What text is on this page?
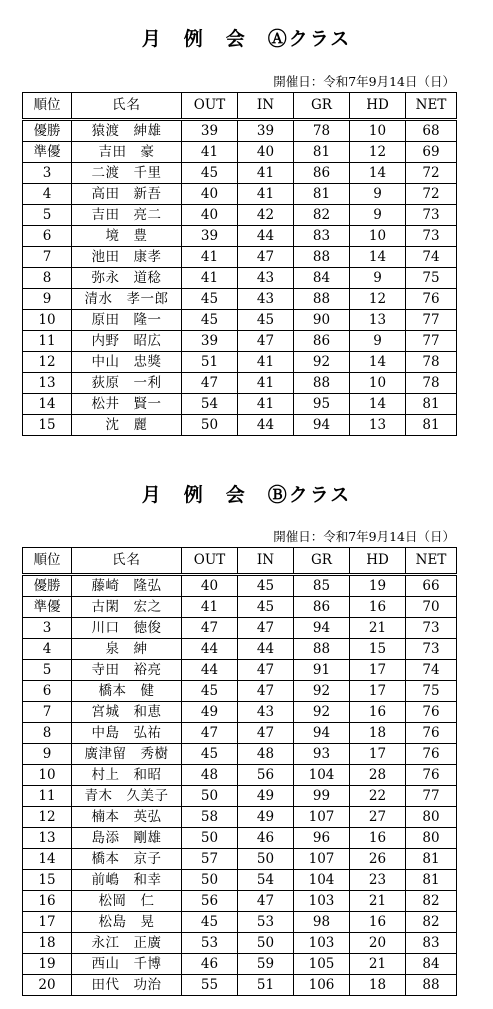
月　例　会　Ⓐクラス
開催日：令和7年9月14日（日）
順位	氏名	OUT	IN	GR	HD	NET
優勝	猿渡　紳雄	39	39	78	10	68
準優	吉田　豪	41	40	81	12	69
3	二渡　千里	45	41	86	14	72
4	高田　新吾	40	41	81	9	72
5	吉田　亮二	40	42	82	9	73
6	境　豊	39	44	83	10	73
7	池田　康孝	41	47	88	14	74
8	弥永　道稔	41	43	84	9	75
9	清水　孝一郎	45	43	88	12	76
10	原田　隆一	45	45	90	13	77
11	内野　昭広	39	47	86	9	77
12	中山　忠獎	51	41	92	14	78
13	荻原　一利	47	41	88	10	78
14	松井　賢一	54	41	95	14	81
15	沈　麗	50	44	94	13	81
月　例　会　Ⓑクラス
開催日：令和7年9月14日（日）
順位	氏名	OUT	IN	GR	HD	NET
優勝	藤崎　隆弘	40	45	85	19	66
準優	古閑　宏之	41	45	86	16	70
3	川口　徳俊	47	47	94	21	73
4	泉　紳	44	44	88	15	73
5	寺田　裕亮	44	47	91	17	74
6	橋本　健	45	47	92	17	75
7	宮城　和恵	49	43	92	16	76
8	中島　弘祐	47	47	94	18	76
9	廣津留　秀樹	45	48	93	17	76
10	村上　和昭	48	56	104	28	76
11	青木　久美子	50	49	99	22	77
12	楠本　英弘	58	49	107	27	80
13	島添　剛雄	50	46	96	16	80
14	橋本　京子	57	50	107	26	81
15	前嶋　和幸	50	54	104	23	81
16	松岡　仁	56	47	103	21	82
17	松島　晃	45	53	98	16	82
18	永江　正廣	53	50	103	20	83
19	西山　千博	46	59	105	21	84
20	田代　功治	55	51	106	18	88
